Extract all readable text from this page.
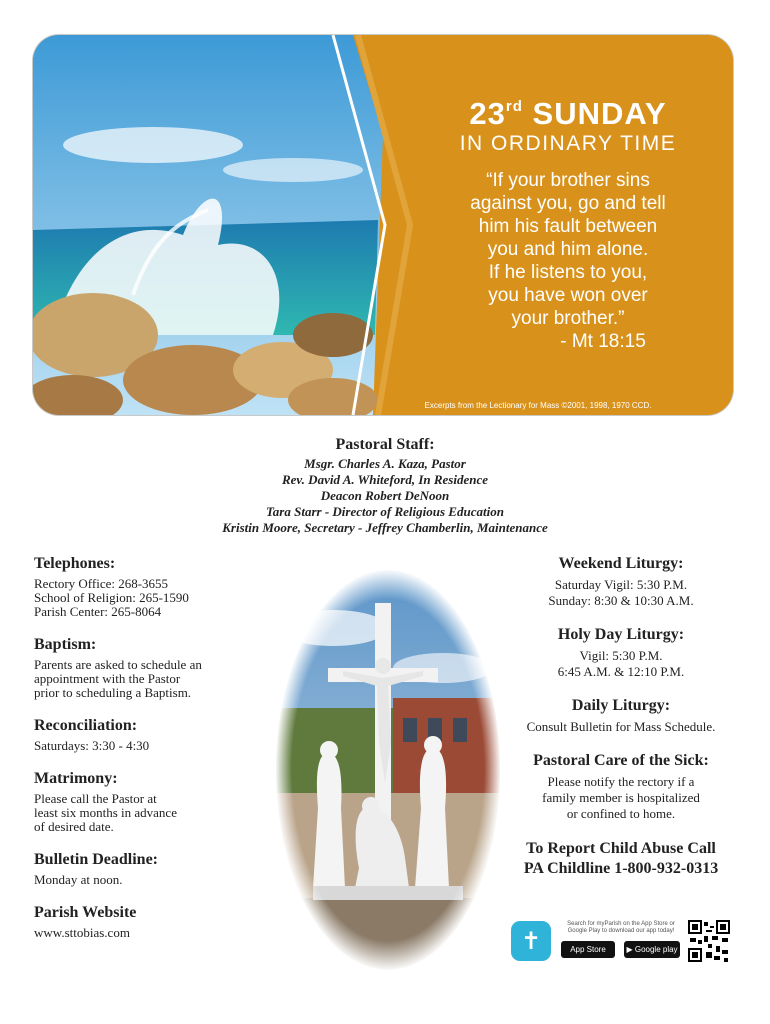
23rd SUNDAY
IN ORDINARY TIME
“If your brother sins
against you, go and tell
him his fault between
you and him alone.
If he listens to you,
you have won over
your brother.”
- Mt 18:15
Excerpts from the Lectionary for Mass ©2001, 1998, 1970 CCD.
Pastoral Staff:
Msgr. Charles A. Kaza, Pastor
Rev. David A. Whiteford, In Residence
Deacon Robert DeNoon
Tara Starr - Director of Religious Education
Kristin Moore, Secretary - Jeffrey Chamberlin, Maintenance
Telephones:
Rectory Office: 268-3655
School of Religion: 265-1590
Parish Center: 265-8064
Baptism:
Parents are asked to schedule an
appointment with the Pastor
prior to scheduling a Baptism.
Reconciliation:
Saturdays: 3:30 - 4:30
Matrimony:
Please call the Pastor at
least six months in advance
of desired date.
Bulletin Deadline:
Monday at noon.
Parish Website
www.sttobias.com
Weekend Liturgy:
Saturday Vigil: 5:30 P.M.
Sunday: 8:30 & 10:30 A.M.
Holy Day Liturgy:
Vigil: 5:30 P.M.
6:45 A.M. & 12:10 P.M.
Daily Liturgy:
Consult Bulletin for Mass Schedule.
Pastoral Care of the Sick:
Please notify the rectory if a
family member is hospitalized
or confined to home.
To Report Child Abuse Call
PA Childline 1-800-932-0313
✝
Search for myParish on the App Store or
Google Play to download our app today!
App Store	▶ Google play
